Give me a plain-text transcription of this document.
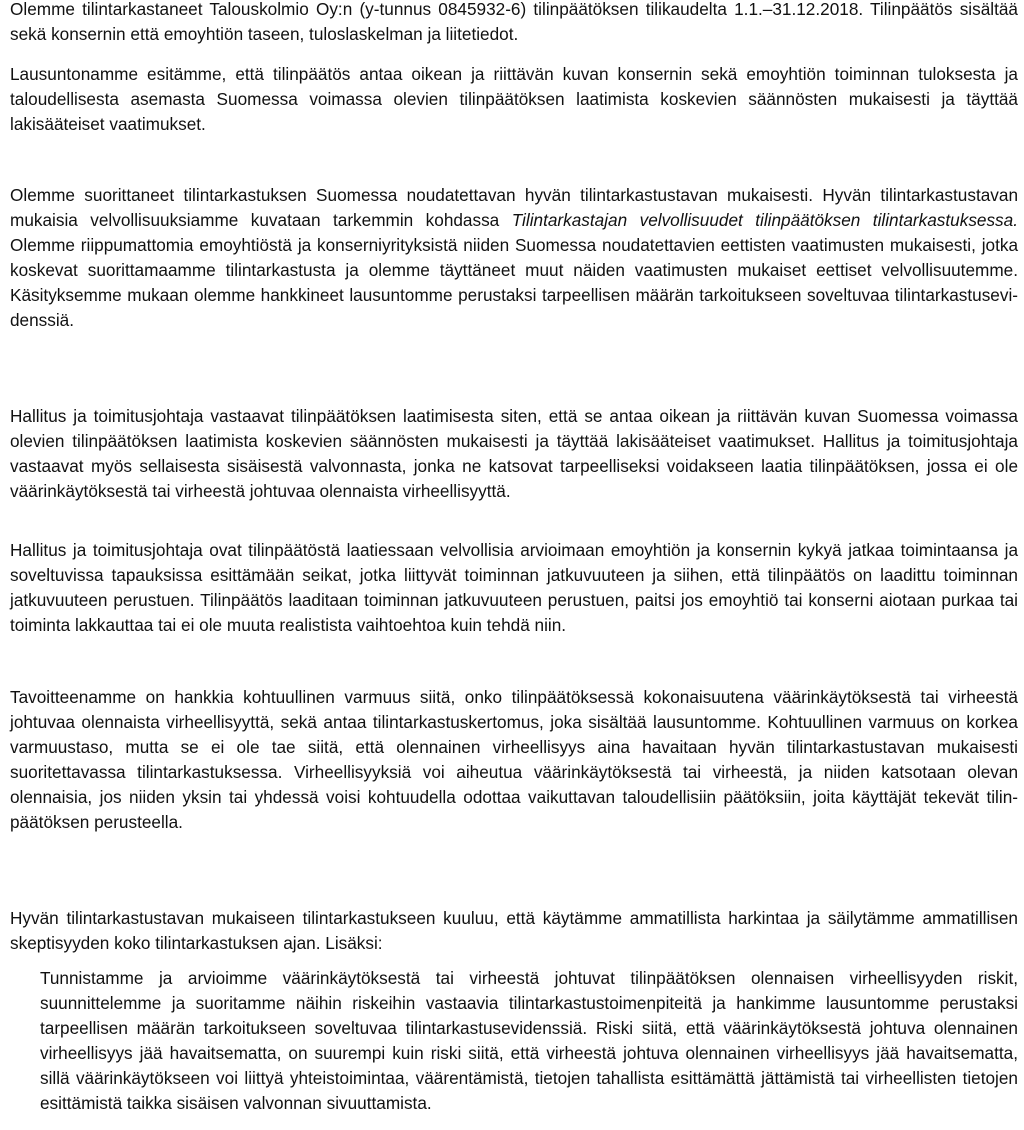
Olemme tilintarkastaneet Talouskolmio Oy:n (y-tunnus 0845932-6) tilinpäätöksen tilikaudelta 1.1.–31.12.2018. Tilinpäätös sisältää sekä konsernin että emoyhtiön taseen, tuloslaskelman ja liitetiedot.

Lausuntonamme esitämme, että tilinpäätös antaa oikean ja riittävän kuvan konsernin sekä emoyhtiön toiminnan tuloksesta ja taloudellisesta asemasta Suomessa voimassa olevien tilinpäätöksen laatimista koskevien säännösten mukaisesti ja täyttää lakisääteiset vaatimukset.

Olemme suorittaneet tilintarkastuksen Suomessa noudatettavan hyvän tilintarkastustavan mukaisesti. Hyvän tilintarkastustavan mukaisia velvollisuuksiamme kuvataan tarkemmin kohdassa Tilintarkastajan velvollisuudet tilinpäätöksen tilintarkastuksessa. Olemme riippumattomia emoyhtiöstä ja konserniyrityksistä niiden Suomessa noudatettavien eettisten vaatimusten mukaisesti, jotka koskevat suorittamaamme tilintarkastusta ja olemme täyttäneet muut näiden vaatimusten mukaiset eettiset velvollisuutemme. Käsityksemme mukaan olemme hankkineet lausuntomme perustaksi tarpeellisen määrän tarkoitukseen soveltuvaa tilintarkastusevidenssiä.

Hallitus ja toimitusjohtaja vastaavat tilinpäätöksen laatimisesta siten, että se antaa oikean ja riittävän kuvan Suomessa voimassa olevien tilinpäätöksen laatimista koskevien säännösten mukaisesti ja täyttää lakisääteiset vaatimukset. Hallitus ja toimitusjohtaja vastaavat myös sellaisesta sisäisestä valvonnasta, jonka ne katsovat tarpeelliseksi voidakseen laatia tilinpäätöksen, jossa ei ole väärinkäytöksestä tai virheestä johtuvaa olennaista virheellisyyttä.

Hallitus ja toimitusjohtaja ovat tilinpäätöstä laatiessaan velvollisia arvioimaan emoyhtiön ja konsernin kykyä jatkaa toimintaansa ja soveltuvissa tapauksissa esittämään seikat, jotka liittyvät toiminnan jatkuvuuteen ja siihen, että tilinpäätös on laadittu toiminnan jatkuvuuteen perustuen. Tilinpäätös laaditaan toiminnan jatkuvuuteen perustuen, paitsi jos emoyhtiö tai konserni aiotaan purkaa tai toiminta lakkauttaa tai ei ole muuta realistista vaihtoehtoa kuin tehdä niin.

Tavoitteenamme on hankkia kohtuullinen varmuus siitä, onko tilinpäätöksessä kokonaisuutena väärinkäytöksestä tai virheestä johtuvaa olennaista virheellisyyttä, sekä antaa tilintarkastuskertomus, joka sisältää lausuntomme. Kohtuullinen varmuus on korkea varmuustaso, mutta se ei ole tae siitä, että olennainen virheellisyys aina havaitaan hyvän tilintarkastustavan mukaisesti suoritettavassa tilintarkastuksessa. Virheellisyyksiä voi aiheutua väärinkäytöksestä tai virheestä, ja niiden katsotaan olevan olennaisia, jos niiden yksin tai yhdessä voisi kohtuudella odottaa vaikuttavan taloudellisiin päätöksiin, joita käyttäjät tekevät tilinpäätöksen perusteella.

Hyvän tilintarkastustavan mukaiseen tilintarkastukseen kuuluu, että käytämme ammatillista harkintaa ja säilytämme ammatillisen skeptisyyden koko tilintarkastuksen ajan. Lisäksi:

Tunnistamme ja arvioimme väärinkäytöksestä tai virheestä johtuvat tilinpäätöksen olennaisen virheellisyyden riskit, suunnittelemme ja suoritamme näihin riskeihin vastaavia tilintarkastustoimenpiteitä ja hankimme lausuntomme perustaksi tarpeellisen määrän tarkoitukseen soveltuvaa tilintarkastusevidenssiä. Riski siitä, että väärinkäytöksestä johtuva olennainen virheellisyys jää havaitsematta, on suurempi kuin riski siitä, että virheestä johtuva olennainen virheellisyys jää havaitsematta, sillä väärinkäytökseen voi liittyä yhteistoimintaa, väärentämistä, tietojen tahallista esittämättä jättämistä tai virheellisten tietojen esittämistä taikka sisäisen valvonnan sivuuttamista.
